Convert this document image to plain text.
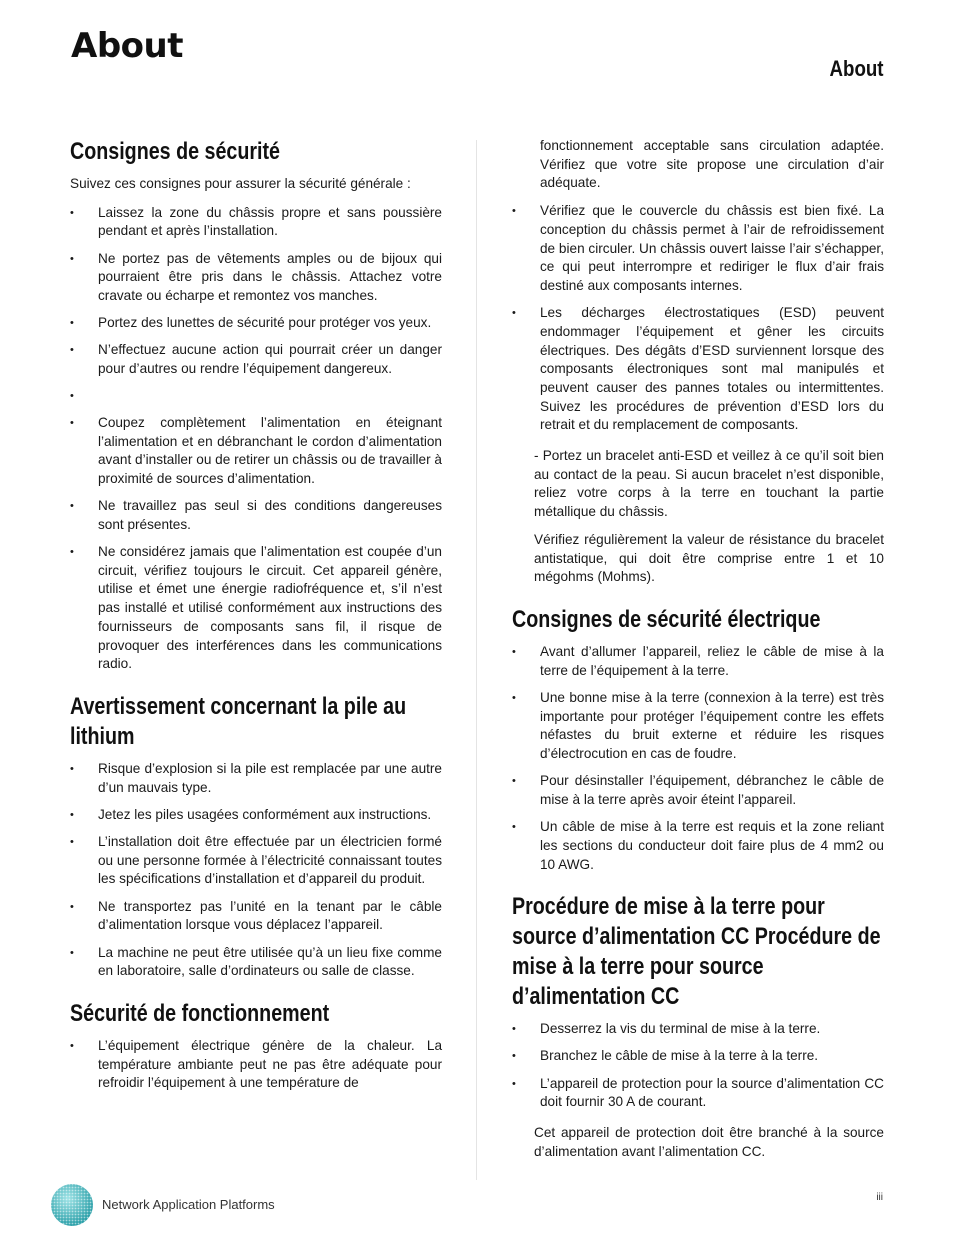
About
About
Consignes de sécurité

Suivez ces consignes pour assurer la sécurité générale :

• Laissez la zone du châssis propre et sans poussière pendant et après l’installation.
• Ne portez pas de vêtements amples ou de bijoux qui pourraient être pris dans le châssis. Attachez votre cravate ou écharpe et remontez vos manches.
• Portez des lunettes de sécurité pour protéger vos yeux.
• N’effectuez aucune action qui pourrait créer un danger pour d’autres ou rendre l’équipement dangereux.
•
• Coupez complètement l’alimentation en éteignant l’alimentation et en débranchant le cordon d’alimentation avant d’installer ou de retirer un châssis ou de travailler à proximité de sources d’alimentation.
• Ne travaillez pas seul si des conditions dangereuses sont présentes.
• Ne considérez jamais que l’alimentation est coupée d’un circuit, vérifiez toujours le circuit. Cet appareil génère, utilise et émet une énergie radiofréquence et, s’il n’est pas installé et utilisé conformément aux instructions des fournisseurs de composants sans fil, il risque de provoquer des interférences dans les communications radio.
Avertissement concernant la pile au lithium
• Risque d’explosion si la pile est remplacée par une autre d’un mauvais type.
• Jetez les piles usagées conformément aux instructions.
• L’installation doit être effectuée par un électricien formé ou une personne formée à l’électricité connaissant toutes les spécifications d’installation et d’appareil du produit.
• Ne transportez pas l’unité en la tenant par le câble d’alimentation lorsque vous déplacez l’appareil.
• La machine ne peut être utilisée qu’à un lieu fixe comme en laboratoire, salle d’ordinateurs ou salle de classe.
Sécurité de fonctionnement
• L’équipement électrique génère de la chaleur. La température ambiante peut ne pas être adéquate pour refroidir l’équipement à une température de

fonctionnement acceptable sans circulation adaptée. Vérifiez que votre site propose une circulation d’air adéquate.

• Vérifiez que le couvercle du châssis est bien fixé. La conception du châssis permet à l’air de refroidissement de bien circuler. Un châssis ouvert laisse l’air s’échapper, ce qui peut interrompre et rediriger le flux d’air frais destiné aux composants internes.
• Les décharges électrostatiques (ESD) peuvent endommager l’équipement et gêner les circuits électriques. Des dégâts d’ESD surviennent lorsque des composants électroniques sont mal manipulés et peuvent causer des pannes totales ou intermittentes. Suivez les procédures de prévention d’ESD lors du retrait et du remplacement de composants.

- Portez un bracelet anti-ESD et veillez à ce qu’il soit bien au contact de la peau. Si aucun bracelet n’est disponible, reliez votre corps à la terre en touchant la partie métallique du châssis.

Vérifiez régulièrement la valeur de résistance du bracelet antistatique, qui doit être comprise entre 1 et 10 mégohms (Mohms).

Consignes de sécurité électrique
• Avant d’allumer l’appareil, reliez le câble de mise à la terre de l’équipement à la terre.
• Une bonne mise à la terre (connexion à la terre) est très importante pour protéger l’équipement contre les effets néfastes du bruit externe et réduire les risques d’électrocution en cas de foudre.
• Pour désinstaller l’équipement, débranchez le câble de mise à la terre après avoir éteint l’appareil.
• Un câble de mise à la terre est requis et la zone reliant les sections du conducteur doit faire plus de 4 mm2 ou 10 AWG.
Procédure de mise à la terre pour source d’alimentation CC Procédure de mise à la terre pour source d’alimentation CC
• Desserrez la vis du terminal de mise à la terre.
• Branchez le câble de mise à la terre à la terre.
• L’appareil de protection pour la source d’alimentation CC doit fournir 30 A de courant.

Cet appareil de protection doit être branché à la source d’alimentation avant l’alimentation CC.

Network Application Platforms	iii
